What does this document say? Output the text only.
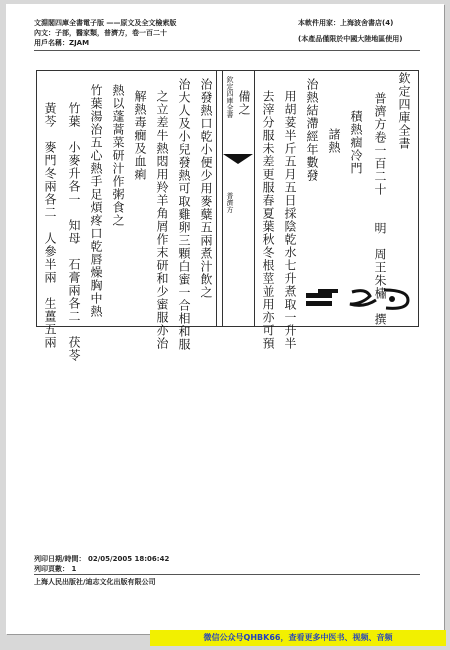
文淵閣四庫全書電子版 ——原文及全文檢索版
內文：子部，醫家類，普濟方，卷一百二十
用戶名稱：ZJAM
本軟件用家：上海波舍書店(4)
(本產品僅限於中國大陸地區使用)
欽定四庫全書
普濟方卷一百二十　　明　周王朱橚　撰
積熱痼冷門
諸熱
治熱結滯經年數發
用胡荽半斤五月五日採陰乾水七升煮取一升半
去滓分服未差更服春夏葉秋冬根莖並用亦可預
備之
治發熱口乾小便少用麥糵五兩煮汁飲之
治大人及小兒發熱可取雞卵三顆白蜜一合相和服
之立差牛熱悶用羚羊角屑作末研和少蜜服亦治
解熱毒癇及血痢
熱以蓬蒿菜研汁作粥食之
竹葉湯治五心熱手足煩疼口乾唇燥胸中熱
竹葉　小麥升各一　知母　石膏兩各二　茯苓
黃芩　麥門冬兩各二　人參半兩　生薑五兩
欽定四庫全書
普濟方
列印日期/時間： 02/05/2005 18:06:42
列印頁數： 1
上海人民出版社/迪志文化出版有限公司
微信公众号QHBK66，查看更多中医书、视频、音频
